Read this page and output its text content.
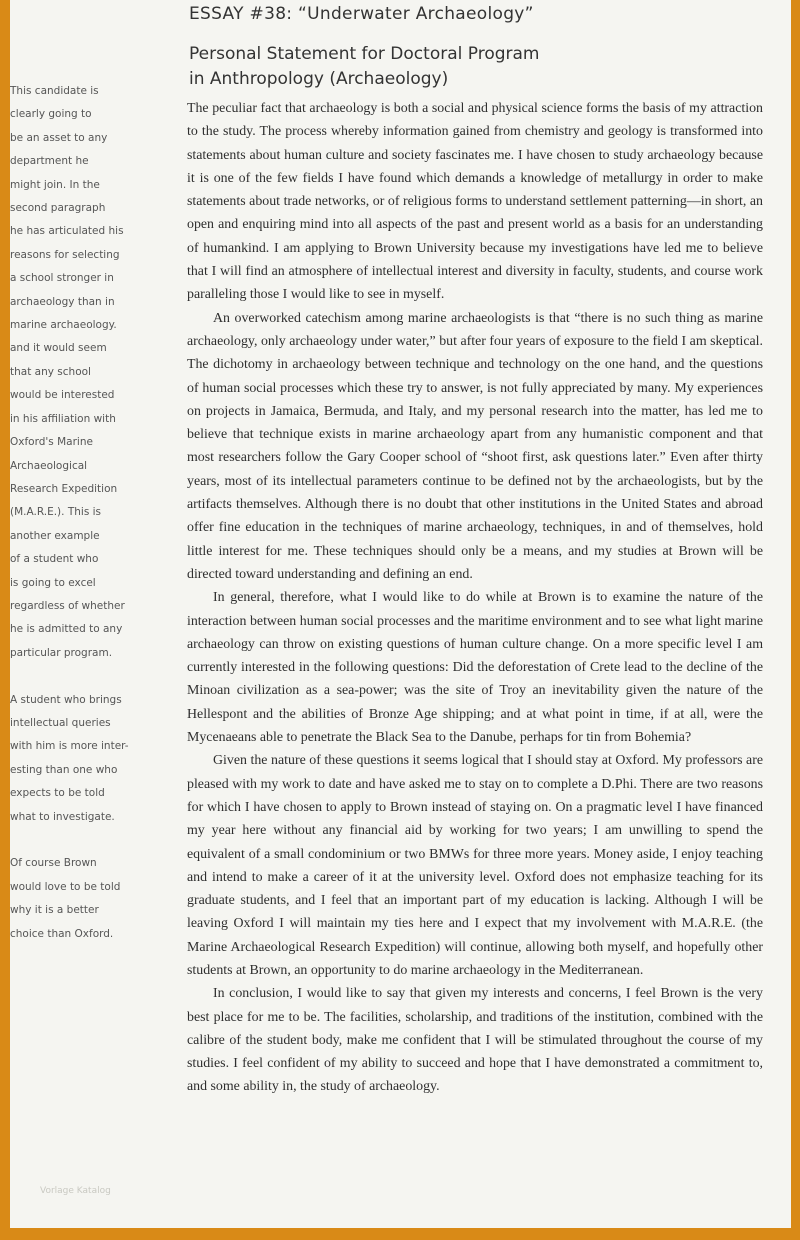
ESSAY #38: “Underwater Archaeology”
Personal Statement for Doctoral Program
in Anthropology (Archaeology)

This candidate is
clearly going to
be an asset to any
department he
might join. In the
second paragraph
he has articulated his
reasons for selecting
a school stronger in
archaeology than in
marine archaeology.
and it would seem
that any school
would be interested
in his affiliation with
Oxford's Marine
Archaeological
Research Expedition
(M.A.R.E.). This is
another example
of a student who
is going to excel
regardless of whether
he is admitted to any
particular program.

A student who brings
intellectual queries
with him is more inter-
esting than one who
expects to be told
what to investigate.

Of course Brown
would love to be told
why it is a better
choice than Oxford.

The peculiar fact that archaeology is both a social and physical science forms the basis of my attraction to the study. The process whereby information gained from chemistry and geology is transformed into statements about human culture and society fascinates me. I have chosen to study archaeology because it is one of the few fields I have found which demands a knowledge of metallurgy in order to make statements about trade networks, or of religious forms to understand settlement patterning—in short, an open and enquiring mind into all aspects of the past and present world as a basis for an understanding of humankind. I am applying to Brown University because my investigations have led me to believe that I will find an atmosphere of intellectual interest and diversity in faculty, students, and course work paralleling those I would like to see in myself.

An overworked catechism among marine archaeologists is that “there is no such thing as marine archaeology, only archaeology under water,” but after four years of exposure to the field I am skeptical. The dichotomy in archaeology between technique and technology on the one hand, and the questions of human social processes which these try to answer, is not fully appreciated by many. My experiences on projects in Jamaica, Bermuda, and Italy, and my personal research into the matter, has led me to believe that technique exists in marine archaeology apart from any humanistic component and that most researchers follow the Gary Cooper school of “shoot first, ask questions later.” Even after thirty years, most of its intellectual parameters continue to be defined not by the archaeologists, but by the artifacts themselves. Although there is no doubt that other institutions in the United States and abroad offer fine education in the techniques of marine archaeology, techniques, in and of themselves, hold little interest for me. These techniques should only be a means, and my studies at Brown will be directed toward understanding and defining an end.

In general, therefore, what I would like to do while at Brown is to examine the nature of the interaction between human social processes and the maritime environment and to see what light marine archaeology can throw on existing questions of human culture change. On a more specific level I am currently interested in the following questions: Did the deforestation of Crete lead to the decline of the Minoan civilization as a sea-power; was the site of Troy an inevitability given the nature of the Hellespont and the abilities of Bronze Age shipping; and at what point in time, if at all, were the Mycenaeans able to penetrate the Black Sea to the Danube, perhaps for tin from Bohemia?

Given the nature of these questions it seems logical that I should stay at Oxford. My professors are pleased with my work to date and have asked me to stay on to complete a D.Phi. There are two reasons for which I have chosen to apply to Brown instead of staying on. On a pragmatic level I have financed my year here without any financial aid by working for two years; I am unwilling to spend the equivalent of a small condominium or two BMWs for three more years. Money aside, I enjoy teaching and intend to make a career of it at the university level. Oxford does not emphasize teaching for its graduate students, and I feel that an important part of my education is lacking. Although I will be leaving Oxford I will maintain my ties here and I expect that my involvement with M.A.R.E. (the Marine Archaeological Research Expedition) will continue, allowing both myself, and hopefully other students at Brown, an opportunity to do marine archaeology in the Mediterranean.

In conclusion, I would like to say that given my interests and concerns, I feel Brown is the very best place for me to be. The facilities, scholarship, and traditions of the institution, combined with the calibre of the student body, make me confident that I will be stimulated throughout the course of my studies. I feel confident of my ability to succeed and hope that I have demonstrated a commitment to, and some ability in, the study of archaeology.

Vorlage Katalog
